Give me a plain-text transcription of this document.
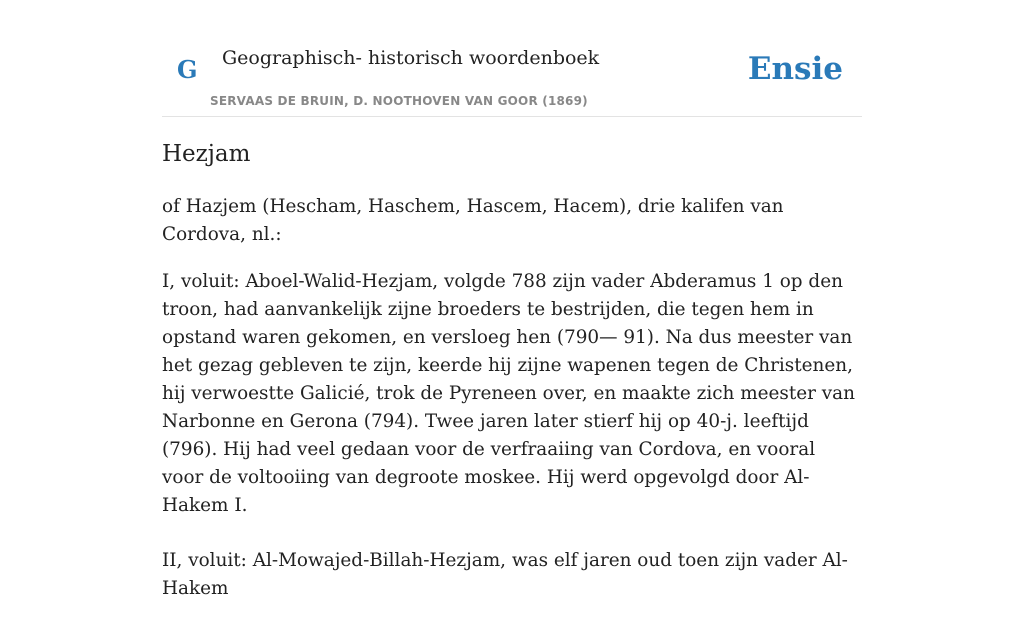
G Geographisch- historisch woordenboek
SERVAAS DE BRUIN, D. NOOTHOVEN VAN GOOR (1869)
Ensie
Hezjam

of Hazjem (Hescham, Haschem, Hascem, Hacem), drie kalifen van Cordova, nl.:

I, voluit: Aboel-Walid-Hezjam, volgde 788 zijn vader Abderamus 1 op den troon, had aanvankelijk zijne broeders te bestrijden, die tegen hem in opstand waren gekomen, en versloeg hen (790— 91). Na dus meester van het gezag gebleven te zijn, keerde hij zijne wapenen tegen de Christenen, hij verwoestte Galicié, trok de Pyreneen over, en maakte zich meester van Narbonne en Gerona (794). Twee jaren later stierf hij op 40-j. leeftijd (796). Hij had veel gedaan voor de verfraaiing van Cordova, en vooral voor de voltooiing van degroote moskee. Hij werd opgevolgd door Al-Hakem I.

II, voluit: Al-Mowajed-Billah-Hezjam, was elf jaren oud toen zijn vader Al-Hakem
